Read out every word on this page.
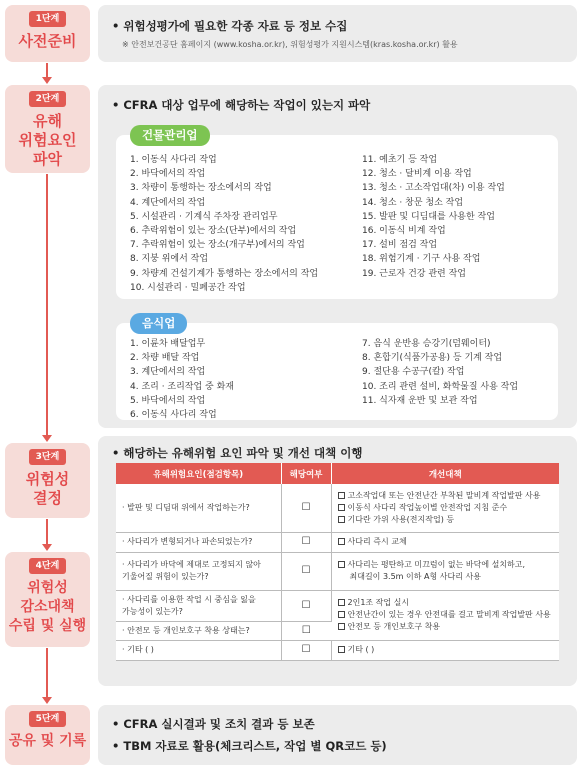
1단계
사전준비
2단계
유해
위험요인
파악
3단계
위험성
결정
4단계
위험성
감소대책
수립 및 실행
5단계
공유 및 기록
• 위험성평가에 필요한 각종 자료 등 정보 수집
※ 안전보건공단 홈페이지 (www.kosha.or.kr), 위험성평가 지원시스템(kras.kosha.or.kr) 활용
• CFRA 대상 업무에 해당하는 작업이 있는지 파악
건물관리업
1. 이동식 사다리 작업
2. 바닥에서의 작업
3. 차량이 통행하는 장소에서의 작업
4. 계단에서의 작업
5. 시설관리 · 기계식 주차장 관리업무
6. 추락위험이 있는 장소(단부)에서의 작업
7. 추락위험이 있는 장소(개구부)에서의 작업
8. 지붕 위에서 작업
9. 차량계 건설기계가 통행하는 장소에서의 작업
10. 시설관리 · 밀폐공간 작업
11. 예초기 등 작업
12. 청소 · 달비계 이용 작업
13. 청소 · 고소작업대(차) 이용 작업
14. 청소 · 창문 청소 작업
15. 발판 및 디딤대를 사용한 작업
16. 이동식 비계 작업
17. 설비 점검 작업
18. 위험기계 · 기구 사용 작업
19. 근로자 건강 관련 작업
음식업
1. 이륜차 배달업무
2. 차량 배달 작업
3. 계단에서의 작업
4. 조리 · 조리작업 중 화재
5. 바닥에서의 작업
6. 이동식 사다리 작업
7. 음식 운반용 승강기(덤웨이터)
8. 혼합기(식품가공용) 등 기계 작업
9. 절단용 수공구(칼) 작업
10. 조리 관련 설비, 화학물질 사용 작업
11. 식자재 운반 및 보관 작업
• 해당하는 유해위험 요인 파악 및 개선 대책 이행
유해위험요인(점검항목)	해당여부	개선대책
· 발판 및 디딤대 위에서 작업하는가?	☐	고소작업대 또는 안전난간 부착된 말비계 작업발판 사용
이동식 사다리 작업높이별 안전작업 지침 준수
기다란 가위 사용(전지작업) 등

· 사다리가 변형되거나 파손되었는가?	☐	사다리 즉시 교체

· 사다리가 바닥에 제대로 고정되지 않아
기울어질 위험이 있는가?	☐	사다리는 평탄하고 미끄럼이 없는 바닥에 설치하고,
최대길이 3.5m 이하 A형 사다리 사용

· 사다리를 이용한 작업 시 중심을 잃을
가능성이 있는가?	☐	2인1조 작업 실시
안전난간이 있는 경우 안전대를 걸고 말비계 작업발판 사용
안전모 등 개인보호구 착용

· 안전모 등 개인보호구 착용 상태는?	☐	
· 기타 ( )	☐	기타 ( )
• CFRA 실시결과 및 조치 결과 등 보존
• TBM 자료로 활용(체크리스트, 작업 별 QR코드 등)
